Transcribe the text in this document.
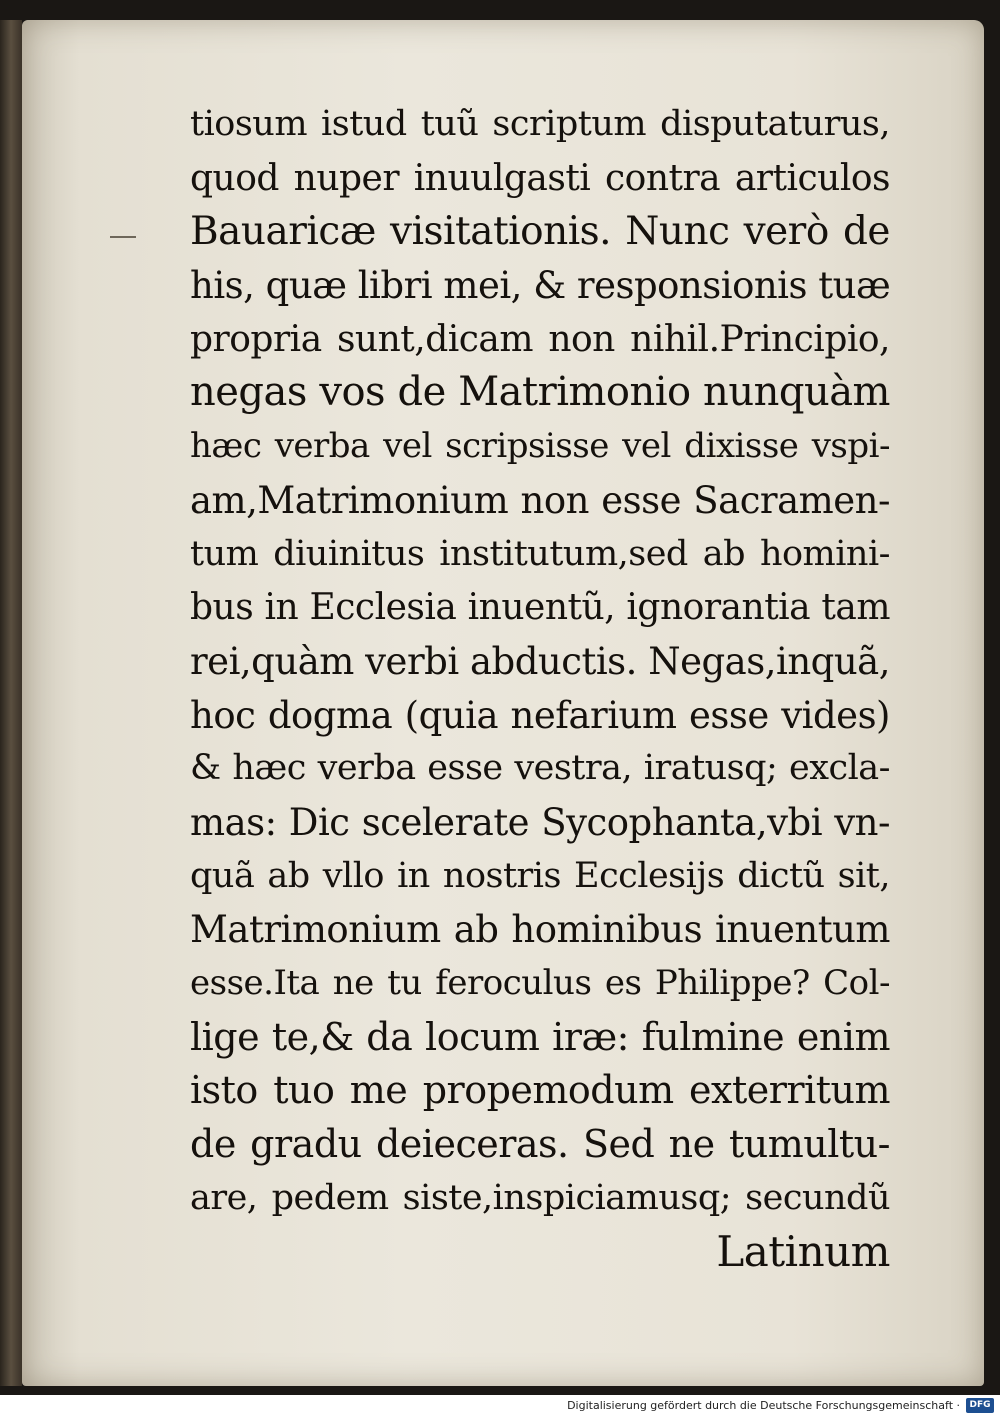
tiosum istud tuũ scriptum disputaturus,
quod nuper inuulgasti contra articulos
Bauaricæ visitationis. Nunc verò de
his, quæ libri mei, & responsionis tuæ
propria sunt,dicam non nihil.Principio,
negas vos de Matrimonio nunquàm
hæc verba vel scripsisse vel dixisse vspi-
am,Matrimonium non esse Sacramen-
tum diuinitus institutum,sed ab homini-
bus in Ecclesia inuentũ, ignorantia tam
rei,quàm verbi abductis. Negas,inquã,
hoc dogma (quia nefarium esse vides)
& hæc verba esse vestra, iratusq; excla-
mas: Dic scelerate Sycophanta,vbi vn-
quã ab vllo in nostris Ecclesijs dictũ sit,
Matrimonium ab hominibus inuentum
esse.Ita ne tu feroculus es Philippe? Col-
lige te,& da locum iræ: fulmine enim
isto tuo me propemodum exterritum
de gradu deieceras. Sed ne tumultu-
are, pedem siste,inspiciamusq; secundũ
Latinum
Digitalisierung gefördert durch die Deutsche Forschungsgemeinschaft ·	DFG
